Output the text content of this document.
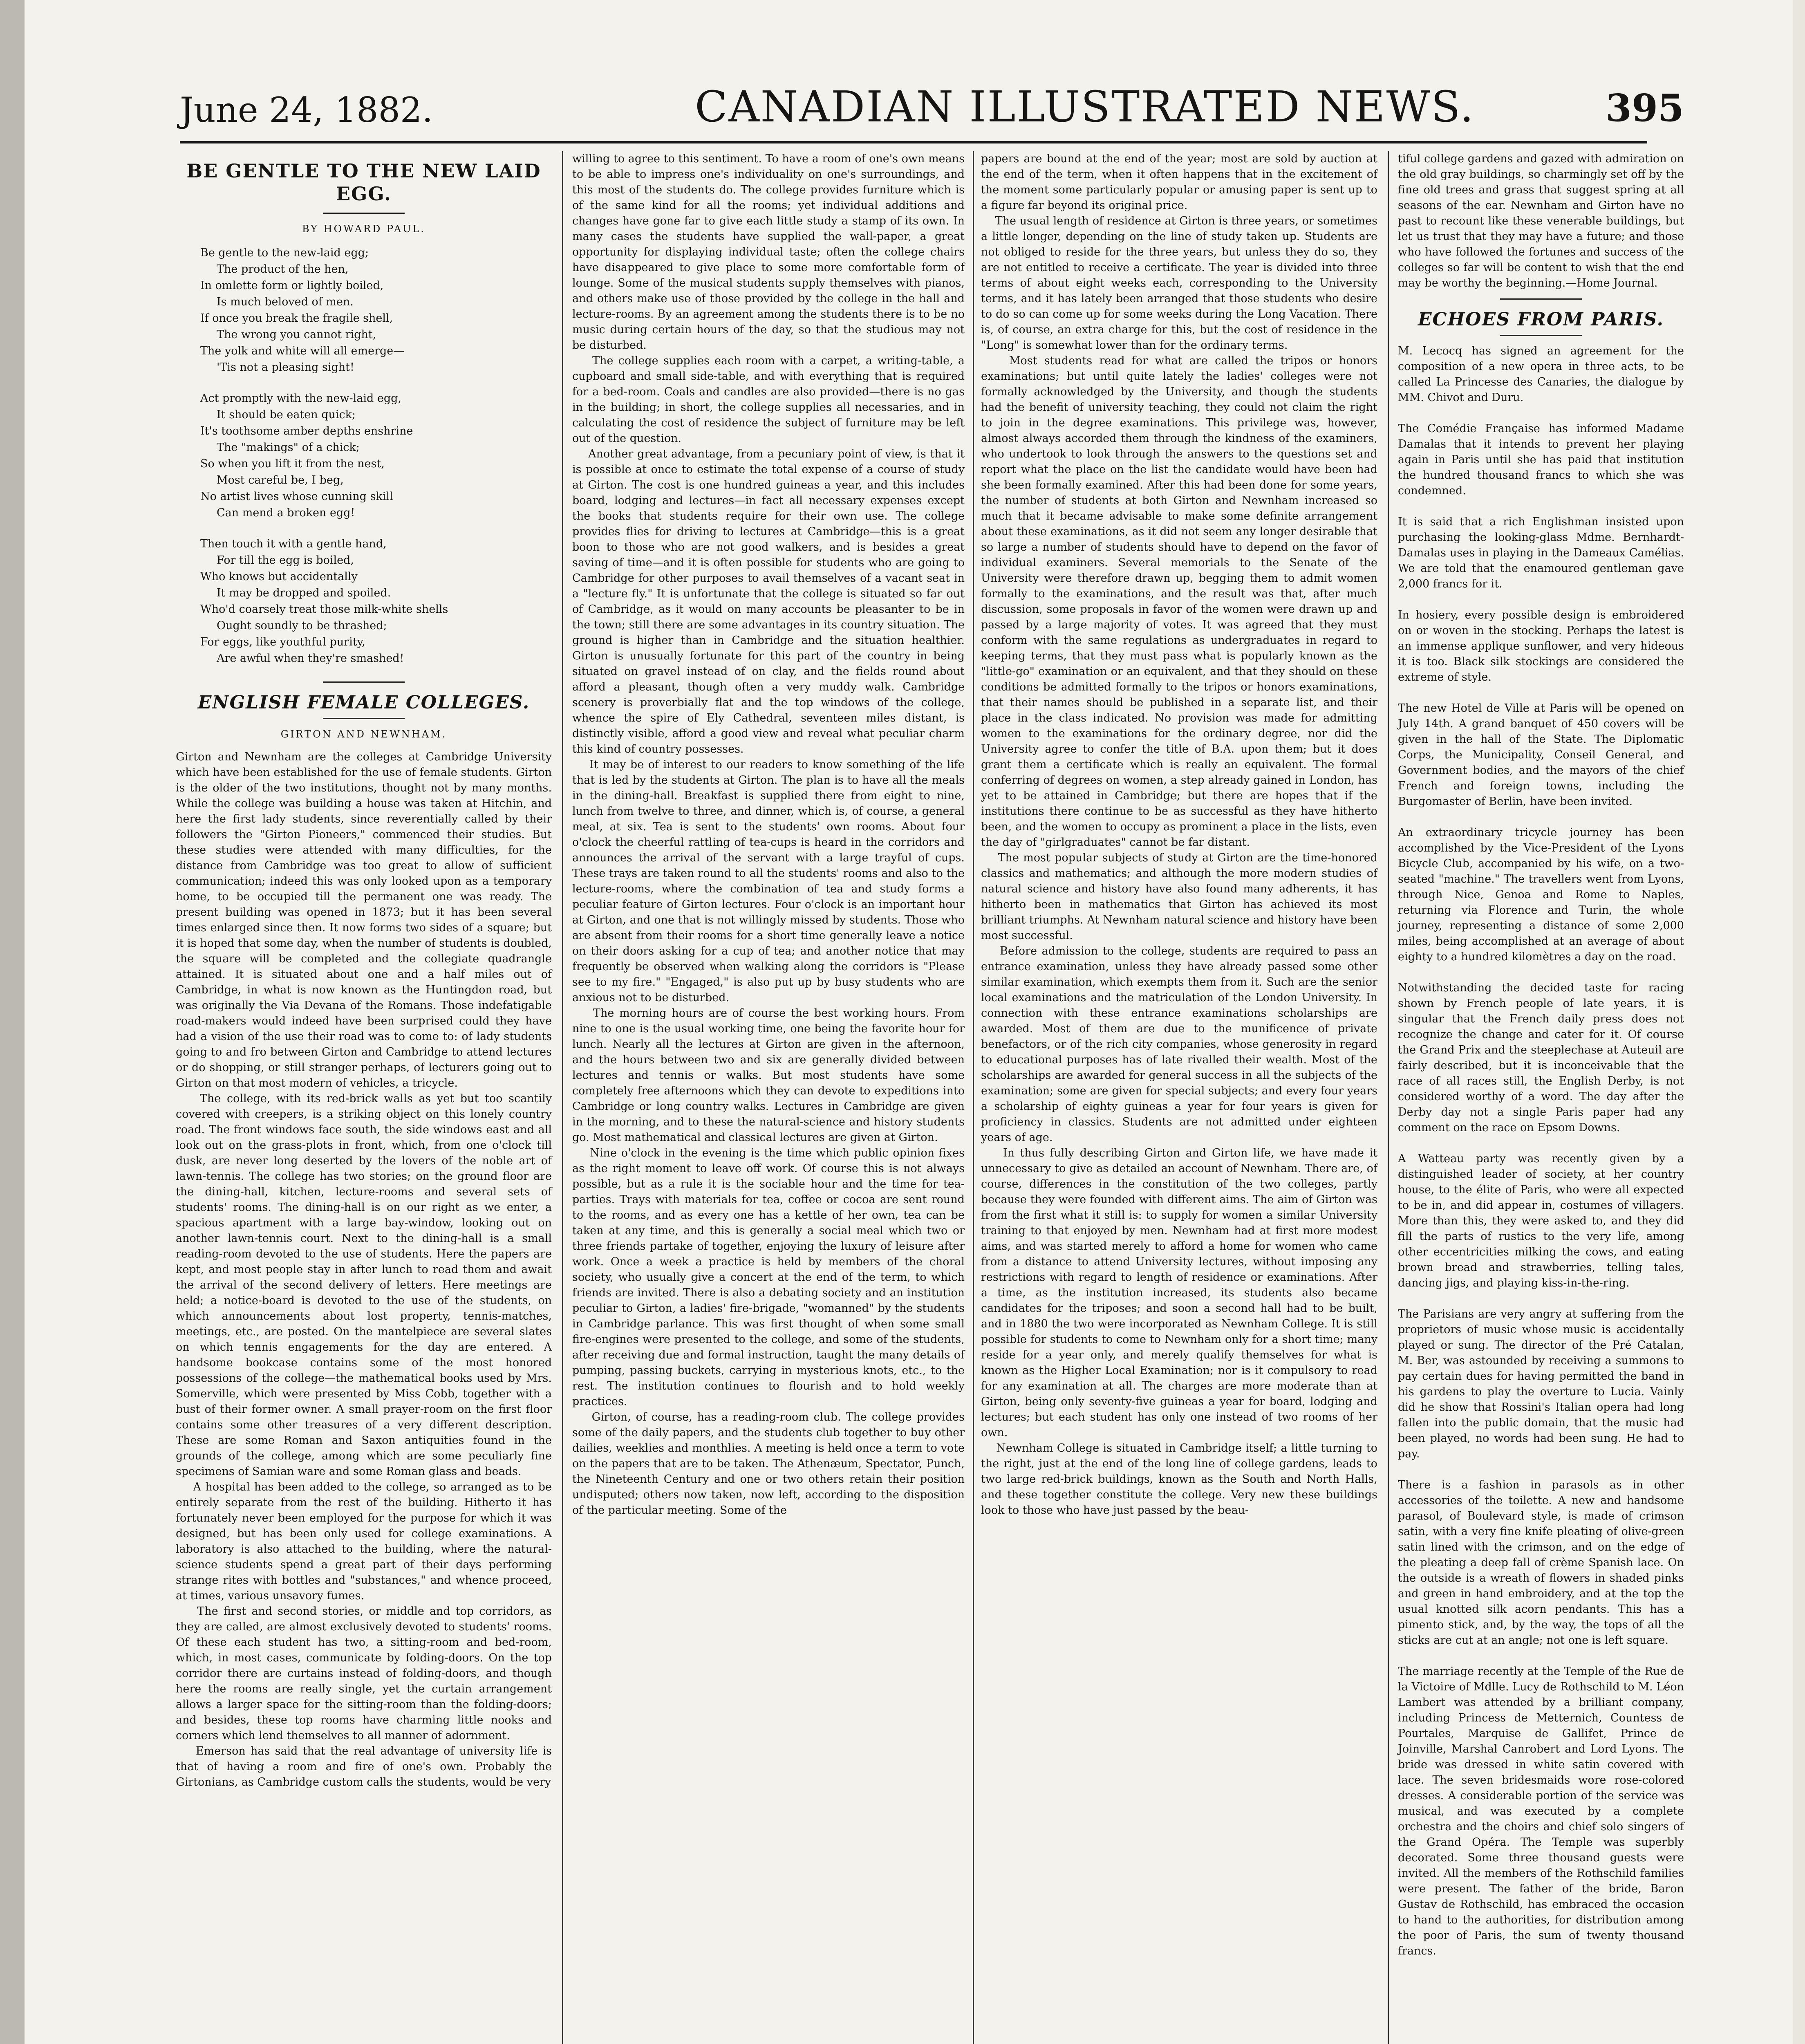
June 24, 1882.	CANADIAN ILLUSTRATED NEWS.	395
BE GENTLE TO THE NEW LAID EGG.
BY HOWARD PAUL.
Be gentle to the new-laid egg;
The product of the hen,
In omlette form or lightly boiled,
Is much beloved of men.
If once you break the fragile shell,
The wrong you cannot right,
The yolk and white will all emerge—
'Tis not a pleasing sight!
Act promptly with the new-laid egg,
It should be eaten quick;
It's toothsome amber depths enshrine
The "makings" of a chick;
So when you lift it from the nest,
Most careful be, I beg,
No artist lives whose cunning skill
Can mend a broken egg!
Then touch it with a gentle hand,
For till the egg is boiled,
Who knows but accidentally
It may be dropped and spoiled.
Who'd coarsely treat those milk-white shells
Ought soundly to be thrashed;
For eggs, like youthful purity,
Are awful when they're smashed!
ENGLISH FEMALE COLLEGES.
GIRTON AND NEWNHAM.
Girton and Newnham are the colleges at Cambridge University which have been established for the use of female students. Girton is the older of the two institutions, thought not by many months. While the college was building a house was taken at Hitchin, and here the first lady students, since reverentially called by their followers the "Girton Pioneers," commenced their studies. But these studies were attended with many difficulties, for the distance from Cambridge was too great to allow of sufficient communication; indeed this was only looked upon as a temporary home, to be occupied till the permanent one was ready. The present building was opened in 1873; but it has been several times enlarged since then. It now forms two sides of a square; but it is hoped that some day, when the number of students is doubled, the square will be completed and the collegiate quadrangle attained. It is situated about one and a half miles out of Cambridge, in what is now known as the Huntingdon road, but was originally the Via Devana of the Romans. Those indefatigable road-makers would indeed have been surprised could they have had a vision of the use their road was to come to: of lady students going to and fro between Girton and Cambridge to attend lectures or do shopping, or still stranger perhaps, of lecturers going out to Girton on that most modern of vehicles, a tricycle.
The college, with its red-brick walls as yet but too scantily covered with creepers, is a striking object on this lonely country road. The front windows face south, the side windows east and all look out on the grass-plots in front, which, from one o'clock till dusk, are never long deserted by the lovers of the noble art of lawn-tennis. The college has two stories; on the ground floor are the dining-hall, kitchen, lecture-rooms and several sets of students' rooms. The dining-hall is on our right as we enter, a spacious apartment with a large bay-window, looking out on another lawn-tennis court. Next to the dining-hall is a small reading-room devoted to the use of students. Here the papers are kept, and most people stay in after lunch to read them and await the arrival of the second delivery of letters. Here meetings are held; a notice-board is devoted to the use of the students, on which announcements about lost property, tennis-matches, meetings, etc., are posted. On the mantelpiece are several slates on which tennis engagements for the day are entered. A handsome bookcase contains some of the most honored possessions of the college—the mathematical books used by Mrs. Somerville, which were presented by Miss Cobb, together with a bust of their former owner. A small prayer-room on the first floor contains some other treasures of a very different description. These are some Roman and Saxon antiquities found in the grounds of the college, among which are some peculiarly fine specimens of Samian ware and some Roman glass and beads.
A hospital has been added to the college, so arranged as to be entirely separate from the rest of the building. Hitherto it has fortunately never been employed for the purpose for which it was designed, but has been only used for college examinations. A laboratory is also attached to the building, where the natural-science students spend a great part of their days performing strange rites with bottles and "substances," and whence proceed, at times, various unsavory fumes.
The first and second stories, or middle and top corridors, as they are called, are almost exclusively devoted to students' rooms. Of these each student has two, a sitting-room and bed-room, which, in most cases, communicate by folding-doors. On the top corridor there are curtains instead of folding-doors, and though here the rooms are really single, yet the curtain arrangement allows a larger space for the sitting-room than the folding-doors; and besides, these top rooms have charming little nooks and corners which lend themselves to all manner of adornment.
Emerson has said that the real advantage of university life is that of having a room and fire of one's own. Probably the Girtonians, as Cambridge custom calls the students, would be very
willing to agree to this sentiment. To have a room of one's own means to be able to impress one's individuality on one's surroundings, and this most of the students do. The college provides furniture which is of the same kind for all the rooms; yet individual additions and changes have gone far to give each little study a stamp of its own. In many cases the students have supplied the wall-paper, a great opportunity for displaying individual taste; often the college chairs have disappeared to give place to some more comfortable form of lounge. Some of the musical students supply themselves with pianos, and others make use of those provided by the college in the hall and lecture-rooms. By an agreement among the students there is to be no music during certain hours of the day, so that the studious may not be disturbed.
The college supplies each room with a carpet, a writing-table, a cupboard and small side-table, and with everything that is required for a bed-room. Coals and candles are also provided—there is no gas in the building; in short, the college supplies all necessaries, and in calculating the cost of residence the subject of furniture may be left out of the question.
Another great advantage, from a pecuniary point of view, is that it is possible at once to estimate the total expense of a course of study at Girton. The cost is one hundred guineas a year, and this includes board, lodging and lectures—in fact all necessary expenses except the books that students require for their own use. The college provides flies for driving to lectures at Cambridge—this is a great boon to those who are not good walkers, and is besides a great saving of time—and it is often possible for students who are going to Cambridge for other purposes to avail themselves of a vacant seat in a "lecture fly." It is unfortunate that the college is situated so far out of Cambridge, as it would on many accounts be pleasanter to be in the town; still there are some advantages in its country situation. The ground is higher than in Cambridge and the situation healthier. Girton is unusually fortunate for this part of the country in being situated on gravel instead of on clay, and the fields round about afford a pleasant, though often a very muddy walk. Cambridge scenery is proverbially flat and the top windows of the college, whence the spire of Ely Cathedral, seventeen miles distant, is distinctly visible, afford a good view and reveal what peculiar charm this kind of country possesses.
It may be of interest to our readers to know something of the life that is led by the students at Girton. The plan is to have all the meals in the dining-hall. Breakfast is supplied there from eight to nine, lunch from twelve to three, and dinner, which is, of course, a general meal, at six. Tea is sent to the students' own rooms. About four o'clock the cheerful rattling of tea-cups is heard in the corridors and announces the arrival of the servant with a large trayful of cups. These trays are taken round to all the students' rooms and also to the lecture-rooms, where the combination of tea and study forms a peculiar feature of Girton lectures. Four o'clock is an important hour at Girton, and one that is not willingly missed by students. Those who are absent from their rooms for a short time generally leave a notice on their doors asking for a cup of tea; and another notice that may frequently be observed when walking along the corridors is "Please see to my fire." "Engaged," is also put up by busy students who are anxious not to be disturbed.
The morning hours are of course the best working hours. From nine to one is the usual working time, one being the favorite hour for lunch. Nearly all the lectures at Girton are given in the afternoon, and the hours between two and six are generally divided between lectures and tennis or walks. But most students have some completely free afternoons which they can devote to expeditions into Cambridge or long country walks. Lectures in Cambridge are given in the morning, and to these the natural-science and history students go. Most mathematical and classical lectures are given at Girton.
Nine o'clock in the evening is the time which public opinion fixes as the right moment to leave off work. Of course this is not always possible, but as a rule it is the sociable hour and the time for tea-parties. Trays with materials for tea, coffee or cocoa are sent round to the rooms, and as every one has a kettle of her own, tea can be taken at any time, and this is generally a social meal which two or three friends partake of together, enjoying the luxury of leisure after work. Once a week a practice is held by members of the choral society, who usually give a concert at the end of the term, to which friends are invited. There is also a debating society and an institution peculiar to Girton, a ladies' fire-brigade, "womanned" by the students in Cambridge parlance. This was first thought of when some small fire-engines were presented to the college, and some of the students, after receiving due and formal instruction, taught the many details of pumping, passing buckets, carrying in mysterious knots, etc., to the rest. The institution continues to flourish and to hold weekly practices.
Girton, of course, has a reading-room club. The college provides some of the daily papers, and the students club together to buy other dailies, weeklies and monthlies. A meeting is held once a term to vote on the papers that are to be taken. The Athenæum, Spectator, Punch, the Nineteenth Century and one or two others retain their position undisputed; others now taken, now left, according to the disposition of the particular meeting. Some of the
papers are bound at the end of the year; most are sold by auction at the end of the term, when it often happens that in the excitement of the moment some particularly popular or amusing paper is sent up to a figure far beyond its original price.
The usual length of residence at Girton is three years, or sometimes a little longer, depending on the line of study taken up. Students are not obliged to reside for the three years, but unless they do so, they are not entitled to receive a certificate. The year is divided into three terms of about eight weeks each, corresponding to the University terms, and it has lately been arranged that those students who desire to do so can come up for some weeks during the Long Vacation. There is, of course, an extra charge for this, but the cost of residence in the "Long" is somewhat lower than for the ordinary terms.
Most students read for what are called the tripos or honors examinations; but until quite lately the ladies' colleges were not formally acknowledged by the University, and though the students had the benefit of university teaching, they could not claim the right to join in the degree examinations. This privilege was, however, almost always accorded them through the kindness of the examiners, who undertook to look through the answers to the questions set and report what the place on the list the candidate would have been had she been formally examined. After this had been done for some years, the number of students at both Girton and Newnham increased so much that it became advisable to make some definite arrangement about these examinations, as it did not seem any longer desirable that so large a number of students should have to depend on the favor of individual examiners. Several memorials to the Senate of the University were therefore drawn up, begging them to admit women formally to the examinations, and the result was that, after much discussion, some proposals in favor of the women were drawn up and passed by a large majority of votes. It was agreed that they must conform with the same regulations as undergraduates in regard to keeping terms, that they must pass what is popularly known as the "little-go" examination or an equivalent, and that they should on these conditions be admitted formally to the tripos or honors examinations, that their names should be published in a separate list, and their place in the class indicated. No provision was made for admitting women to the examinations for the ordinary degree, nor did the University agree to confer the title of B.A. upon them; but it does grant them a certificate which is really an equivalent. The formal conferring of degrees on women, a step already gained in London, has yet to be attained in Cambridge; but there are hopes that if the institutions there continue to be as successful as they have hitherto been, and the women to occupy as prominent a place in the lists, even the day of "girlgraduates" cannot be far distant.
The most popular subjects of study at Girton are the time-honored classics and mathematics; and although the more modern studies of natural science and history have also found many adherents, it has hitherto been in mathematics that Girton has achieved its most brilliant triumphs. At Newnham natural science and history have been most successful.
Before admission to the college, students are required to pass an entrance examination, unless they have already passed some other similar examination, which exempts them from it. Such are the senior local examinations and the matriculation of the London University. In connection with these entrance examinations scholarships are awarded. Most of them are due to the munificence of private benefactors, or of the rich city companies, whose generosity in regard to educational purposes has of late rivalled their wealth. Most of the scholarships are awarded for general success in all the subjects of the examination; some are given for special subjects; and every four years a scholarship of eighty guineas a year for four years is given for proficiency in classics. Students are not admitted under eighteen years of age.
In thus fully describing Girton and Girton life, we have made it unnecessary to give as detailed an account of Newnham. There are, of course, differences in the constitution of the two colleges, partly because they were founded with different aims. The aim of Girton was from the first what it still is: to supply for women a similar University training to that enjoyed by men. Newnham had at first more modest aims, and was started merely to afford a home for women who came from a distance to attend University lectures, without imposing any restrictions with regard to length of residence or examinations. After a time, as the institution increased, its students also became candidates for the triposes; and soon a second hall had to be built, and in 1880 the two were incorporated as Newnham College. It is still possible for students to come to Newnham only for a short time; many reside for a year only, and merely qualify themselves for what is known as the Higher Local Examination; nor is it compulsory to read for any examination at all. The charges are more moderate than at Girton, being only seventy-five guineas a year for board, lodging and lectures; but each student has only one instead of two rooms of her own.
Newnham College is situated in Cambridge itself; a little turning to the right, just at the end of the long line of college gardens, leads to two large red-brick buildings, known as the South and North Halls, and these together constitute the college. Very new these buildings look to those who have just passed by the beau-
tiful college gardens and gazed with admiration on the old gray buildings, so charmingly set off by the fine old trees and grass that suggest spring at all seasons of the ear. Newnham and Girton have no past to recount like these venerable buildings, but let us trust that they may have a future; and those who have followed the fortunes and success of the colleges so far will be content to wish that the end may be worthy the beginning.—Home Journal.
ECHOES FROM PARIS.
M. Lecocq has signed an agreement for the composition of a new opera in three acts, to be called La Princesse des Canaries, the dialogue by MM. Chivot and Duru.

The Comédie Française has informed Madame Damalas that it intends to prevent her playing again in Paris until she has paid that institution the hundred thousand francs to which she was condemned.

It is said that a rich Englishman insisted upon purchasing the looking-glass Mdme. Bernhardt-Damalas uses in playing in the Dameaux Camélias. We are told that the enamoured gentleman gave 2,000 francs for it.

In hosiery, every possible design is embroidered on or woven in the stocking. Perhaps the latest is an immense applique sunflower, and very hideous it is too. Black silk stockings are considered the extreme of style.

The new Hotel de Ville at Paris will be opened on July 14th. A grand banquet of 450 covers will be given in the hall of the State. The Diplomatic Corps, the Municipality, Conseil General, and Government bodies, and the mayors of the chief French and foreign towns, including the Burgomaster of Berlin, have been invited.

An extraordinary tricycle journey has been accomplished by the Vice-President of the Lyons Bicycle Club, accompanied by his wife, on a two-seated "machine." The travellers went from Lyons, through Nice, Genoa and Rome to Naples, returning via Florence and Turin, the whole journey, representing a distance of some 2,000 miles, being accomplished at an average of about eighty to a hundred kilomètres a day on the road.

Notwithstanding the decided taste for racing shown by French people of late years, it is singular that the French daily press does not recognize the change and cater for it. Of course the Grand Prix and the steeplechase at Auteuil are fairly described, but it is inconceivable that the race of all races still, the English Derby, is not considered worthy of a word. The day after the Derby day not a single Paris paper had any comment on the race on Epsom Downs.

A Watteau party was recently given by a distinguished leader of society, at her country house, to the élite of Paris, who were all expected to be in, and did appear in, costumes of villagers. More than this, they were asked to, and they did fill the parts of rustics to the very life, among other eccentricities milking the cows, and eating brown bread and strawberries, telling tales, dancing jigs, and playing kiss-in-the-ring.

The Parisians are very angry at suffering from the proprietors of music whose music is accidentally played or sung. The director of the Pré Catalan, M. Ber, was astounded by receiving a summons to pay certain dues for having permitted the band in his gardens to play the overture to Lucia. Vainly did he show that Rossini's Italian opera had long fallen into the public domain, that the music had been played, no words had been sung. He had to pay.

There is a fashion in parasols as in other accessories of the toilette. A new and handsome parasol, of Boulevard style, is made of crimson satin, with a very fine knife pleating of olive-green satin lined with the crimson, and on the edge of the pleating a deep fall of crème Spanish lace. On the outside is a wreath of flowers in shaded pinks and green in hand embroidery, and at the top the usual knotted silk acorn pendants. This has a pimento stick, and, by the way, the tops of all the sticks are cut at an angle; not one is left square.

The marriage recently at the Temple of the Rue de la Victoire of Mdlle. Lucy de Rothschild to M. Léon Lambert was attended by a brilliant company, including Princess de Metternich, Countess de Pourtales, Marquise de Gallifet, Prince de Joinville, Marshal Canrobert and Lord Lyons. The bride was dressed in white satin covered with lace. The seven bridesmaids wore rose-colored dresses. A considerable portion of the service was musical, and was executed by a complete orchestra and the choirs and chief solo singers of the Grand Opéra. The Temple was superbly decorated. Some three thousand guests were invited. All the members of the Rothschild families were present. The father of the bride, Baron Gustav de Rothschild, has embraced the occasion to hand to the authorities, for distribution among the poor of Paris, the sum of twenty thousand francs.
